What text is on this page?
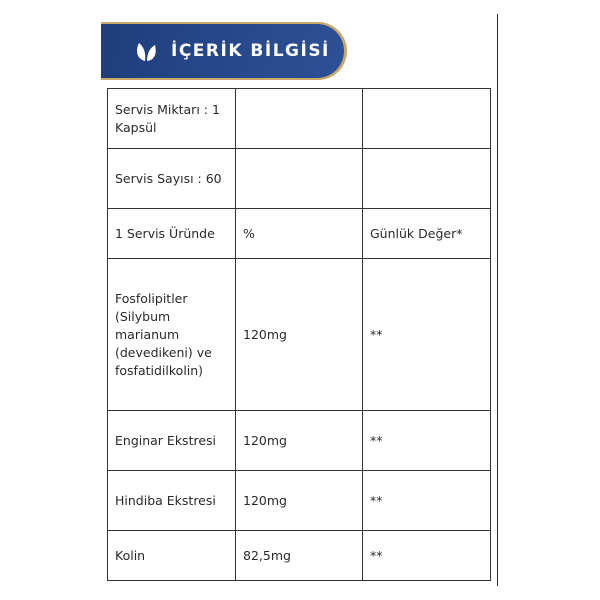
İÇERİK BİLGİSİ
Servis Miktarı : 1 Kapsül		
Servis Sayısı : 60		
1 Servis Üründe	%	Günlük Değer*
Fosfolipitler (Silybum marianum (devedikeni) ve fosfatidilkolin)	120mg	**
Enginar Ekstresi	120mg	**
Hindiba Ekstresi	120mg	**
Kolin	82,5mg	**
